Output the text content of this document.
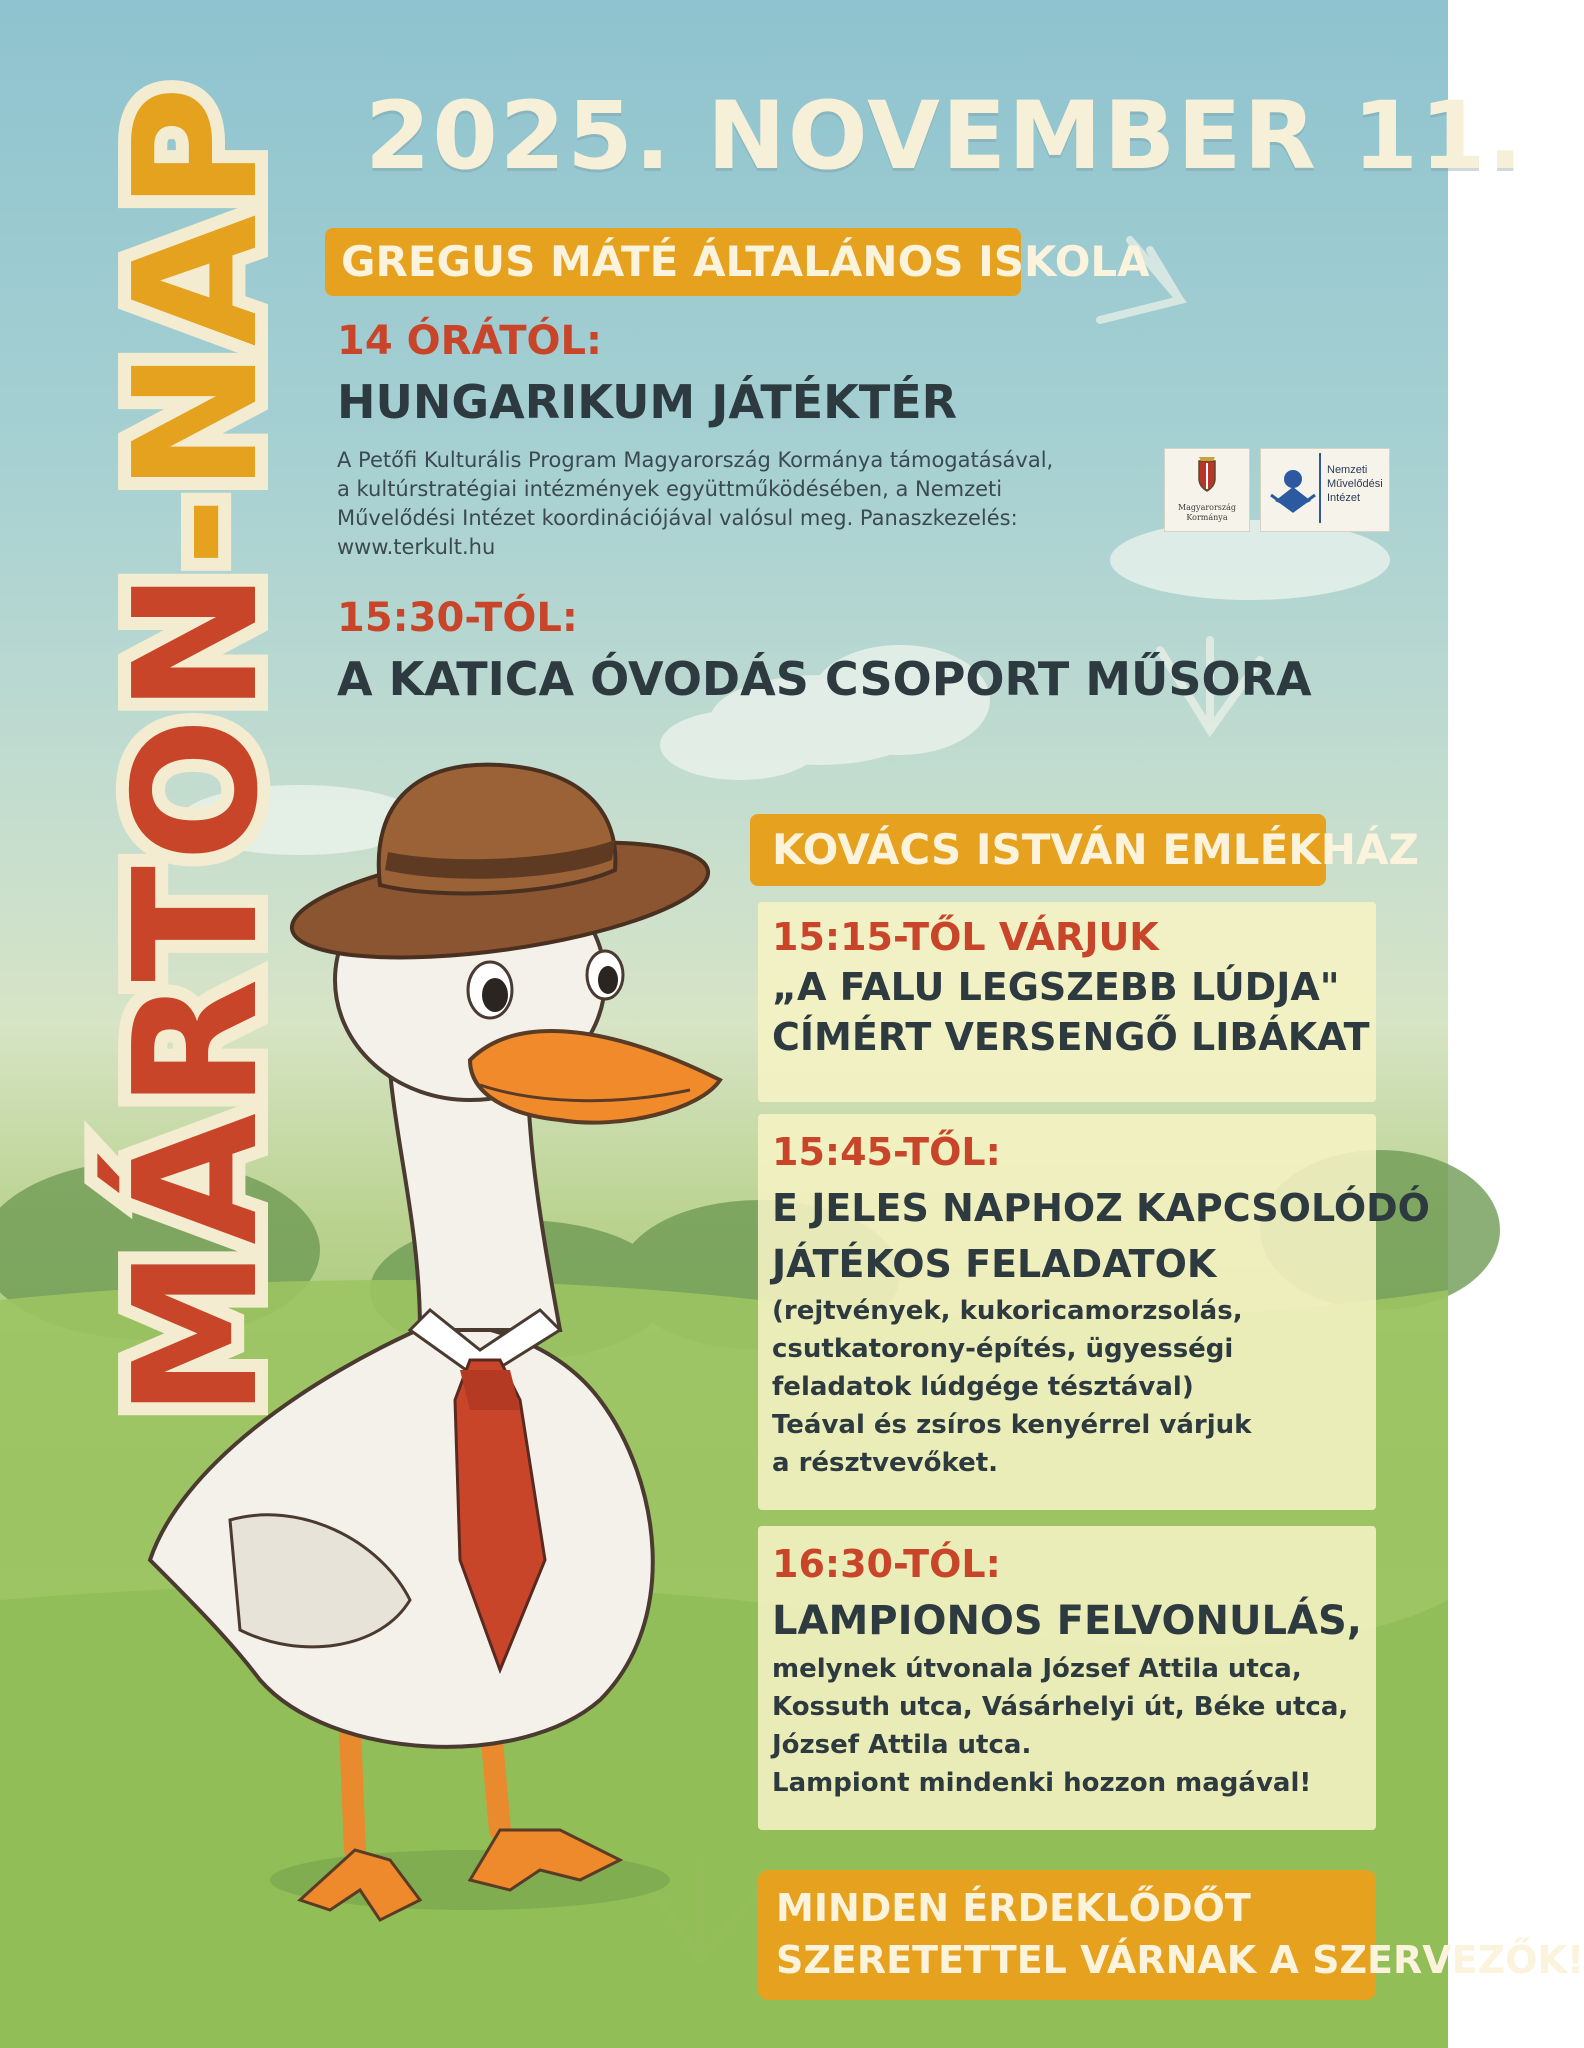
MÁRTON-NAP 2025. NOVEMBER 11.
GREGUS MÁTÉ ÁLTALÁNOS ISKOLA
14 ÓRÁTÓL:
HUNGARIKUM JÁTÉKTÉR
A Petőfi Kulturális Program Magyarország Kormánya támogatásával,
a kultúrstratégiai intézmények együttműködésében, a Nemzeti
Művelődési Intézet koordinációjával valósul meg. Panaszkezelés:
www.terkult.hu
Magyarország
Kormánya
Nemzeti
Művelődési
Intézet
15:30-TÓL:
A KATICA ÓVODÁS CSOPORT MŰSORA
KOVÁCS ISTVÁN EMLÉKHÁZ
15:15-TŐL VÁRJUK
„A FALU LEGSZEBB LÚDJA"
CÍMÉRT VERSENGŐ LIBÁKAT
15:45-TŐL:
E JELES NAPHOZ KAPCSOLÓDÓ
JÁTÉKOS FELADATOK
(rejtvények, kukoricamorzsolás,
csutkatorony-építés, ügyességi
feladatok lúdgége tésztával)
Teával és zsíros kenyérrel várjuk
a résztvevőket.
16:30-TÓL:
LAMPIONOS FELVONULÁS,
melynek útvonala József Attila utca,
Kossuth utca, Vásárhelyi út, Béke utca,
József Attila utca.
Lampiont mindenki hozzon magával!
MINDEN ÉRDEKLŐDŐT
SZERETETTEL VÁRNAK A SZERVEZŐK!
